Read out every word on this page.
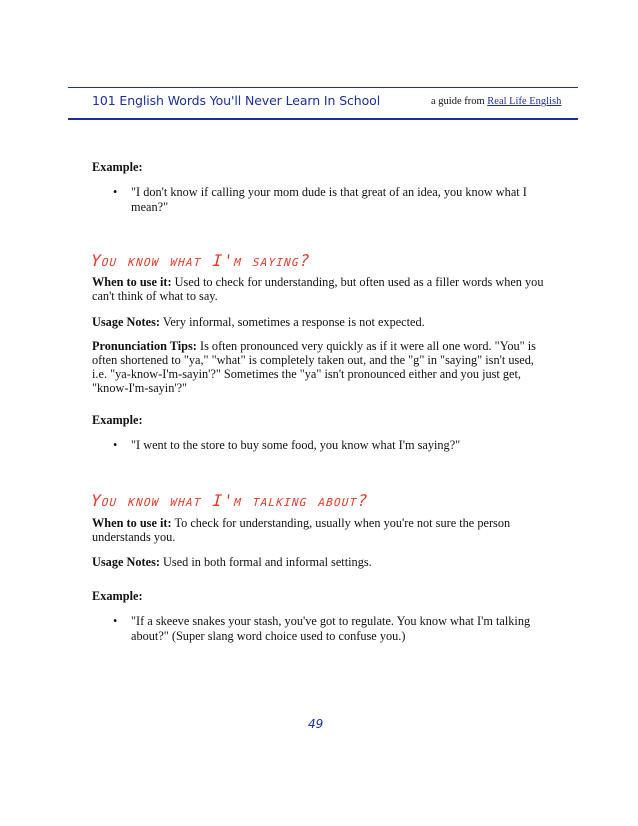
101 English Words You'll Never Learn In School	a guide from Real Life English
Example:
• "I don't know if calling your mom dude is that great of an idea, you know what I mean?"
You know what I'm saying?
When to use it: Used to check for understanding, but often used as a filler words when you can't think of what to say.
Usage Notes: Very informal, sometimes a response is not expected.
Pronunciation Tips: Is often pronounced very quickly as if it were all one word. "You" is often shortened to "ya," "what" is completely taken out, and the "g" in "saying" isn't used, i.e. "ya-know-I'm-sayin'?" Sometimes the "ya" isn't pronounced either and you just get, "know-I'm-sayin'?"
Example:
• "I went to the store to buy some food, you know what I'm saying?"
You know what I'm talking about?
When to use it: To check for understanding, usually when you're not sure the person understands you.
Usage Notes: Used in both formal and informal settings.
Example:
• "If a skeeve snakes your stash, you've got to regulate. You know what I'm talking about?" (Super slang word choice used to confuse you.)
49
